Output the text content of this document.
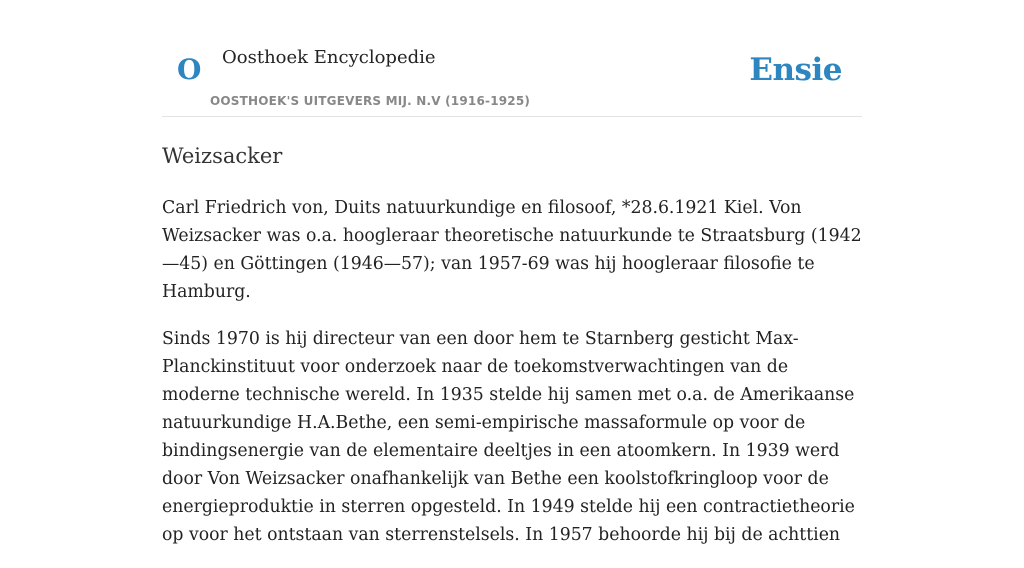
O Oosthoek Encyclopedie
OOSTHOEK'S UITGEVERS MIJ. N.V (1916-1925)
Ensie
Weizsacker

Carl Friedrich von, Duits natuurkundige en filosoof, *28.6.1921 Kiel. Von Weizsacker was o.a. hoogleraar theoretische natuurkunde te Straatsburg (1942—45) en Göttingen (1946—57); van 1957-69 was hij hoogleraar filosofie te Hamburg.

Sinds 1970 is hij directeur van een door hem te Starnberg gesticht Max-Planckinstituut voor onderzoek naar de toekomstverwachtingen van de moderne technische wereld. In 1935 stelde hij samen met o.a. de Amerikaanse natuurkundige H.A.Bethe, een semi-empirische massaformule op voor de bindingsenergie van de elementaire deeltjes in een atoomkern. In 1939 werd door Von Weizsacker onafhankelijk van Bethe een koolstofkringloop voor de energieproduktie in sterren opgesteld. In 1949 stelde hij een contractietheorie op voor het ontstaan van sterrenstelsels. In 1957 behoorde hij bij de achttien
